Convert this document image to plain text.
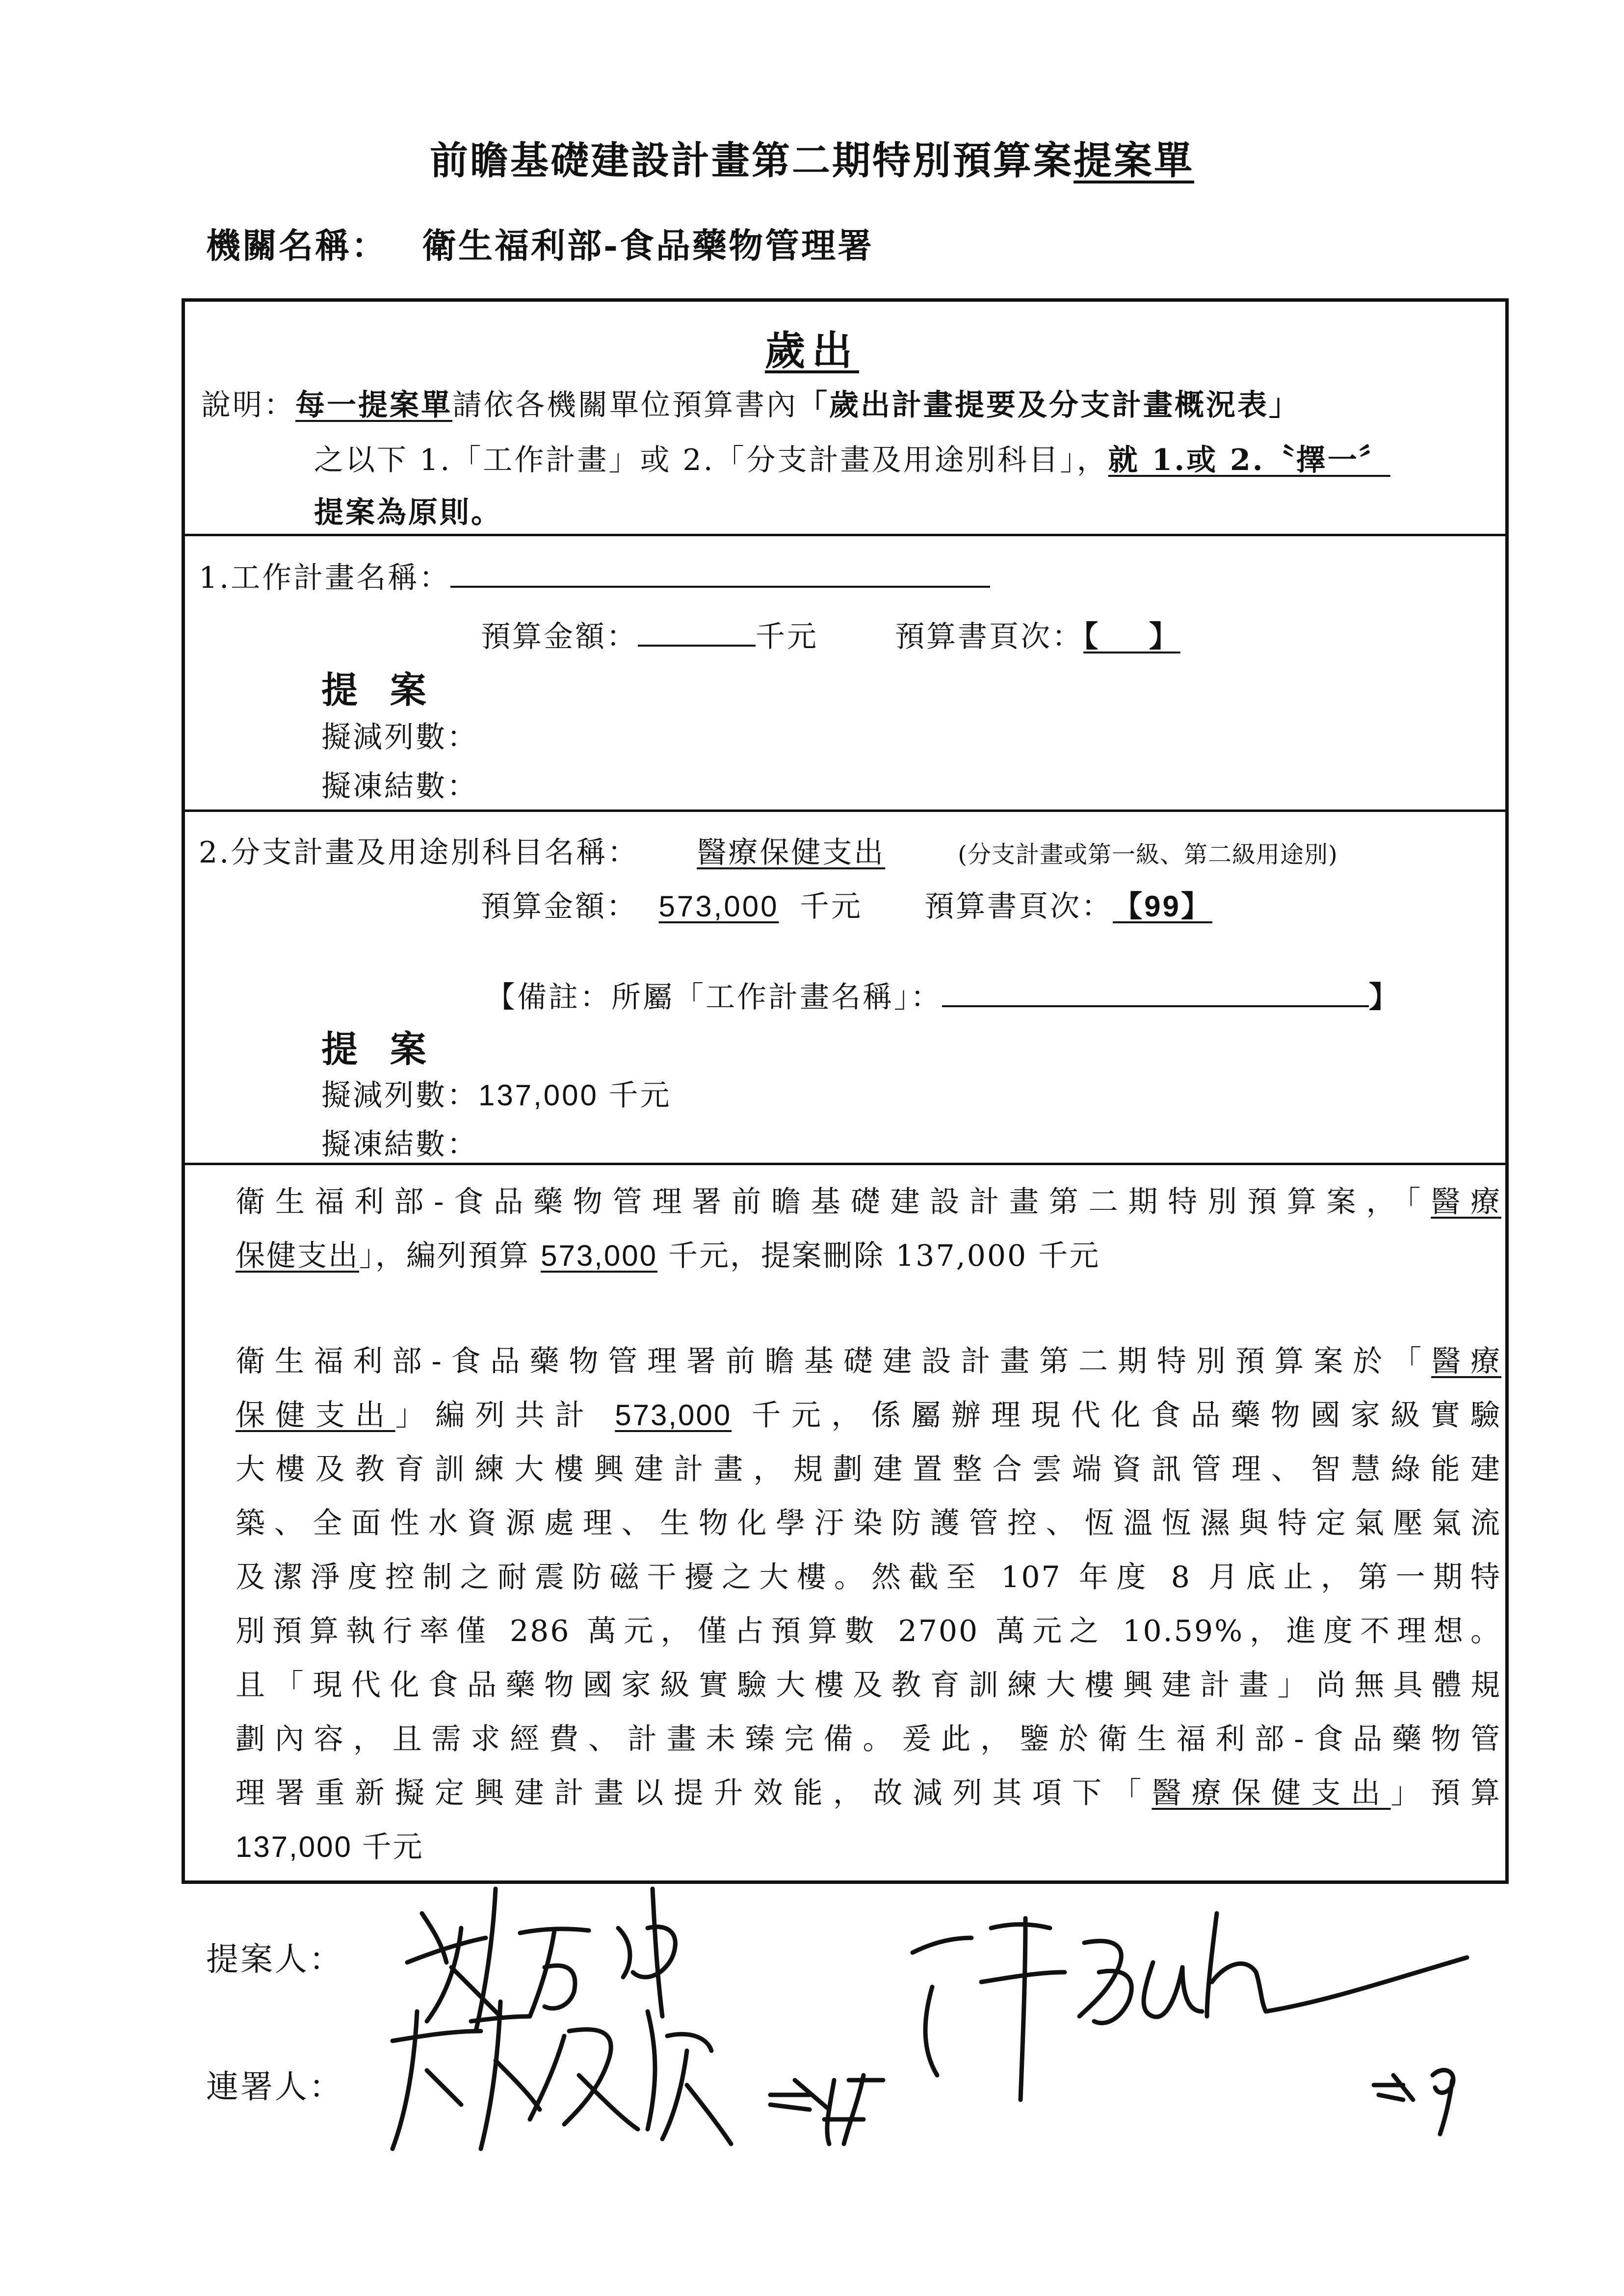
前瞻基礎建設計畫第二期特別預算案提案單
機關名稱： 衛生福利部-食品藥物管理署
歲出
說明：每一提案單請依各機關單位預算書內「歲出計畫提要及分支計畫概況表」
之以下 1.「工作計畫」或 2.「分支計畫及用途別科目」，就 1.或 2.〝擇一〞
提案為原則。
1.工作計畫名稱：
預算金額：	千元	預算書頁次：【    】
提 案
擬減列數：
擬凍結數：
2.分支計畫及用途別科目名稱： 醫療保健支出	(分支計畫或第一級、第二級用途別)
預算金額： 573,000 千元 預算書頁次：【99】
【備註：所屬「工作計畫名稱」：	】
提 案
擬減列數：137,000 千元
擬凍結數：
衛生福利部-食品藥物管理署前瞻基礎建設計畫第二期特別預算案，「醫療
保健支出」，編列預算 573,000 千元，提案刪除 137,000 千元
衛生福利部-食品藥物管理署前瞻基礎建設計畫第二期特別預算案於「醫療
保健支出」編列共計 573,000 千元，係屬辦理現代化食品藥物國家級實驗
大樓及教育訓練大樓興建計畫，規劃建置整合雲端資訊管理、智慧綠能建
築、全面性水資源處理、生物化學汙染防護管控、恆溫恆濕與特定氣壓氣流
及潔淨度控制之耐震防磁干擾之大樓。然截至 107 年度 8 月底止，第一期特
別預算執行率僅 286 萬元，僅占預算數 2700 萬元之 10.59%，進度不理想。
且「現代化食品藥物國家級實驗大樓及教育訓練大樓興建計畫」尚無具體規
劃內容，且需求經費、計畫未臻完備。爰此，鑒於衛生福利部-食品藥物管
理署重新擬定興建計畫以提升效能，故減列其項下「醫療保健支出」預算
137,000 千元
提案人：
連署人：
